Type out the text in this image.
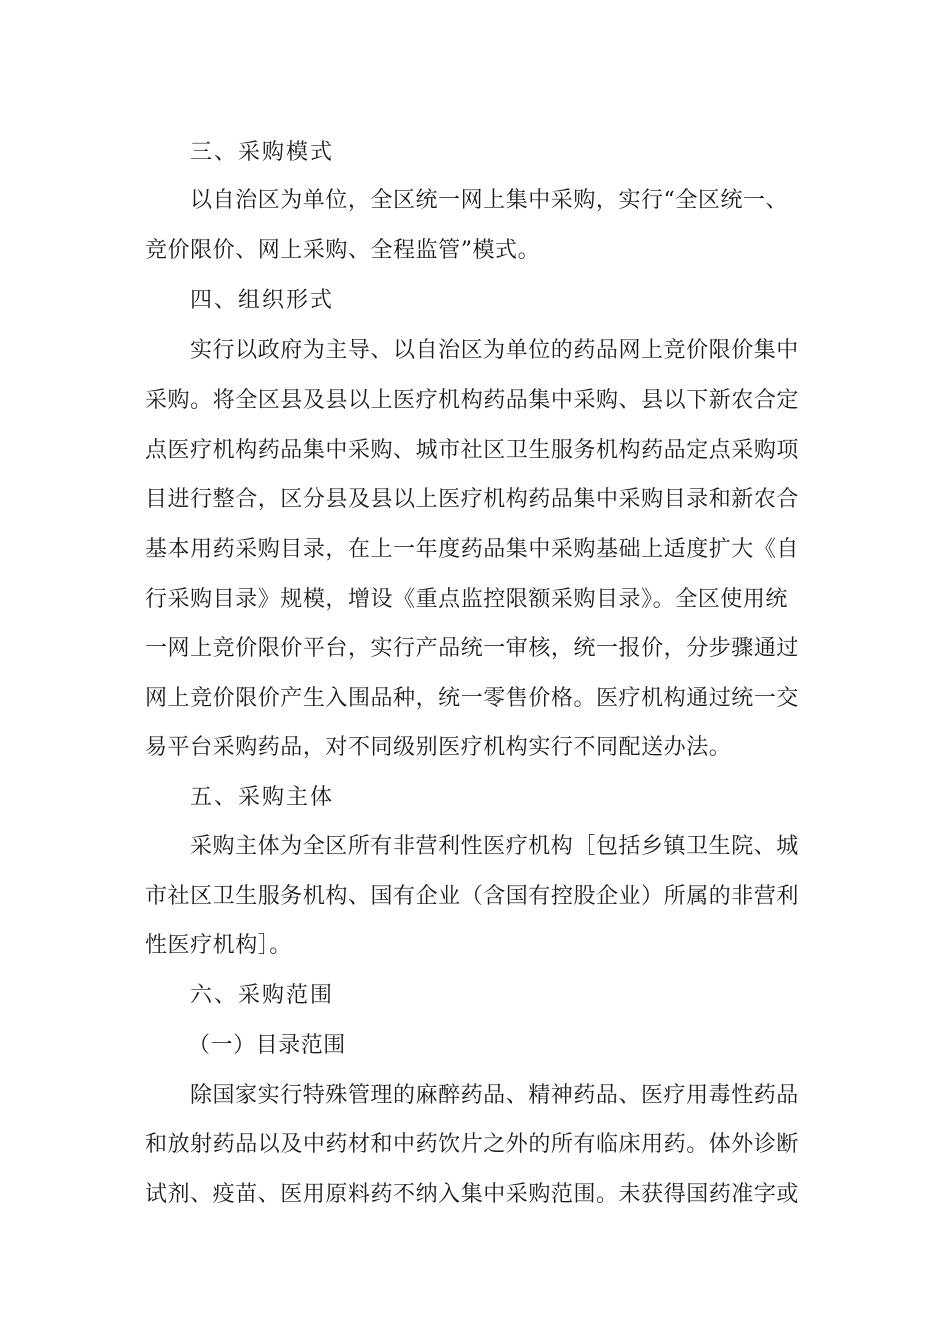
三、采购模式
以自治区为单位，全区统一网上集中采购，实行“全区统一、
竞价限价、网上采购、全程监管”模式。
四、组织形式
实行以政府为主导、以自治区为单位的药品网上竞价限价集中
采购。将全区县及县以上医疗机构药品集中采购、县以下新农合定
点医疗机构药品集中采购、城市社区卫生服务机构药品定点采购项
目进行整合，区分县及县以上医疗机构药品集中采购目录和新农合
基本用药采购目录，在上一年度药品集中采购基础上适度扩大《自
行采购目录》规模，增设《重点监控限额采购目录》。全区使用统
一网上竞价限价平台，实行产品统一审核，统一报价，分步骤通过
网上竞价限价产生入围品种，统一零售价格。医疗机构通过统一交
易平台采购药品，对不同级别医疗机构实行不同配送办法。
五、采购主体
采购主体为全区所有非营利性医疗机构［包括乡镇卫生院、城
市社区卫生服务机构、国有企业（含国有控股企业）所属的非营利
性医疗机构］。
六、采购范围
（一）目录范围
除国家实行特殊管理的麻醉药品、精神药品、医疗用毒性药品
和放射药品以及中药材和中药饮片之外的所有临床用药。体外诊断
试剂、疫苗、医用原料药不纳入集中采购范围。未获得国药准字或
